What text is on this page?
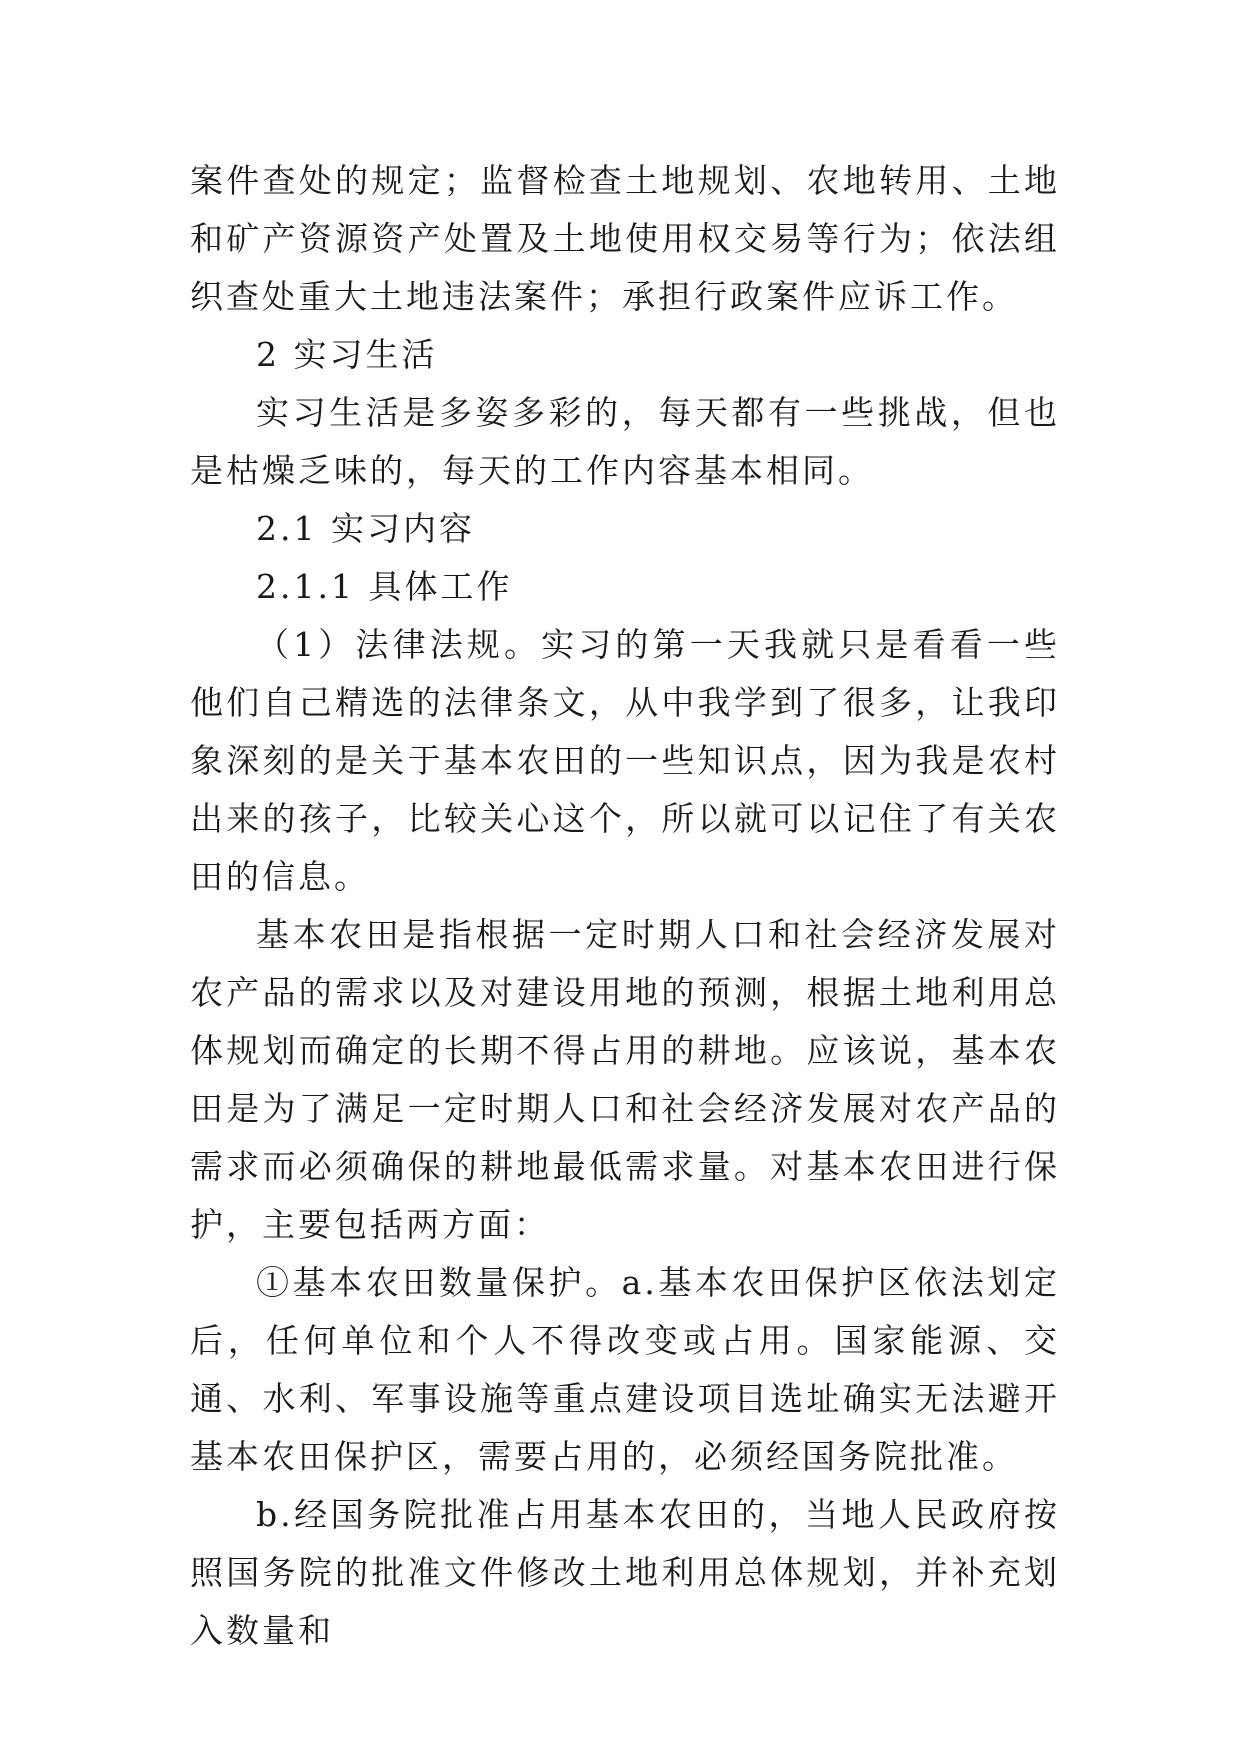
案件查处的规定；监督检查土地规划、农地转用、土地和矿产资源资产处置及土地使用权交易等行为；依法组织查处重大土地违法案件；承担行政案件应诉工作。

2 实习生活

实习生活是多姿多彩的，每天都有一些挑战，但也是枯燥乏味的，每天的工作内容基本相同。

2.1 实习内容

2.1.1 具体工作

（1）法律法规。实习的第一天我就只是看看一些他们自己精选的法律条文，从中我学到了很多，让我印象深刻的是关于基本农田的一些知识点，因为我是农村出来的孩子，比较关心这个，所以就可以记住了有关农田的信息。

基本农田是指根据一定时期人口和社会经济发展对农产品的需求以及对建设用地的预测，根据土地利用总体规划而确定的长期不得占用的耕地。应该说，基本农田是为了满足一定时期人口和社会经济发展对农产品的需求而必须确保的耕地最低需求量。对基本农田进行保护，主要包括两方面：

①基本农田数量保护。a.基本农田保护区依法划定后，任何单位和个人不得改变或占用。国家能源、交通、水利、军事设施等重点建设项目选址确实无法避开基本农田保护区，需要占用的，必须经国务院批准。

b.经国务院批准占用基本农田的，当地人民政府按照国务院的批准文件修改土地利用总体规划，并补充划入数量和
